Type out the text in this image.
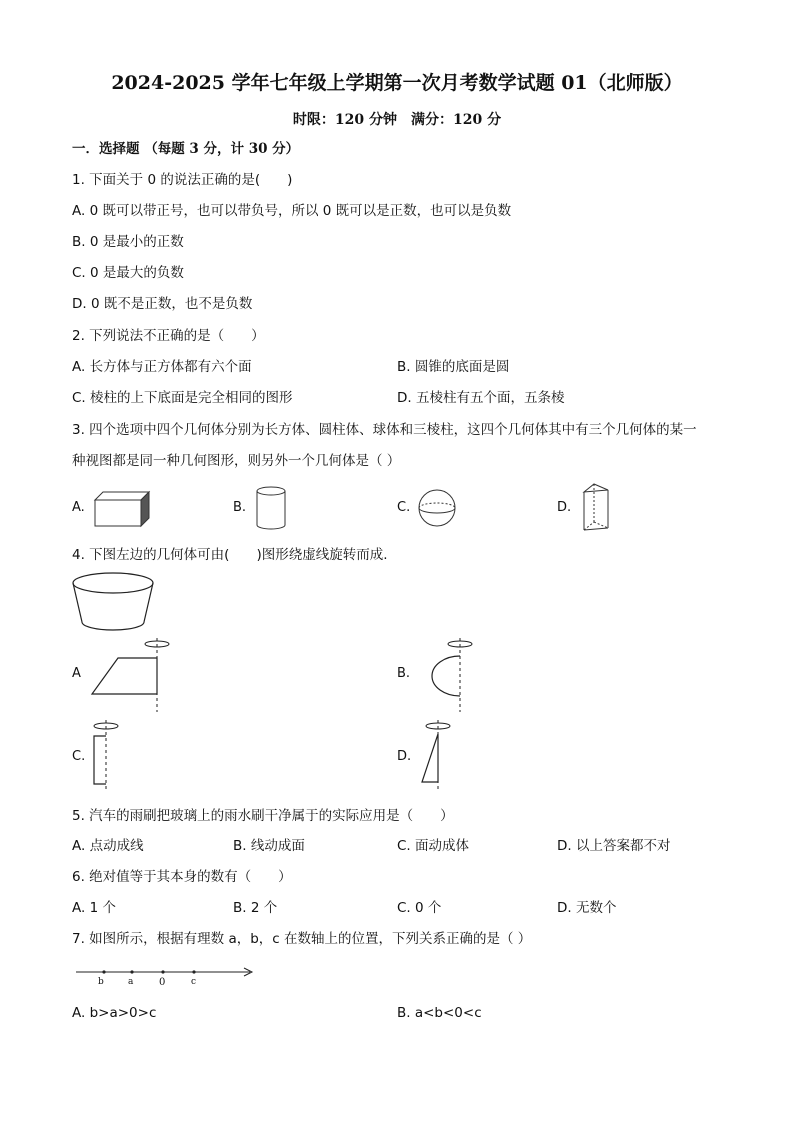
2024-2025 学年七年级上学期第一次月考数学试题 01（北师版）
时限：120 分钟　满分：120 分
一．选择题 （每题 3 分，计 30 分）
1. 下面关于 0 的说法正确的是(　　)
A. 0 既可以带正号，也可以带负号，所以 0 既可以是正数，也可以是负数
B. 0 是最小的正数
C. 0 是最大的负数
D. 0 既不是正数，也不是负数
2. 下列说法不正确的是（　　）
A. 长方体与正方体都有六个面	B. 圆锥的底面是圆
C. 棱柱的上下底面是完全相同的图形	D. 五棱柱有五个面，五条棱
3. 四个选项中四个几何体分别为长方体、圆柱体、球体和三棱柱，这四个几何体其中有三个几何体的某一
种视图都是同一种几何图形，则另外一个几何体是（ ）
A.	B.	C.	D.
4. 下图左边的几何体可由(　　)图形绕虚线旋转而成.
A	B.
C.	D.
5. 汽车的雨刷把玻璃上的雨水刷干净属于的实际应用是（　　）
A. 点动成线	B. 线动成面	C. 面动成体	D. 以上答案都不对
6. 绝对值等于其本身的数有（　　）
A. 1 个	B. 2 个	C. 0 个	D. 无数个
7. 如图所示，根据有理数 a，b，c 在数轴上的位置，下列关系正确的是（ ）
b	a	0	c
A. b>a>0>c	B. a<b<0<c
